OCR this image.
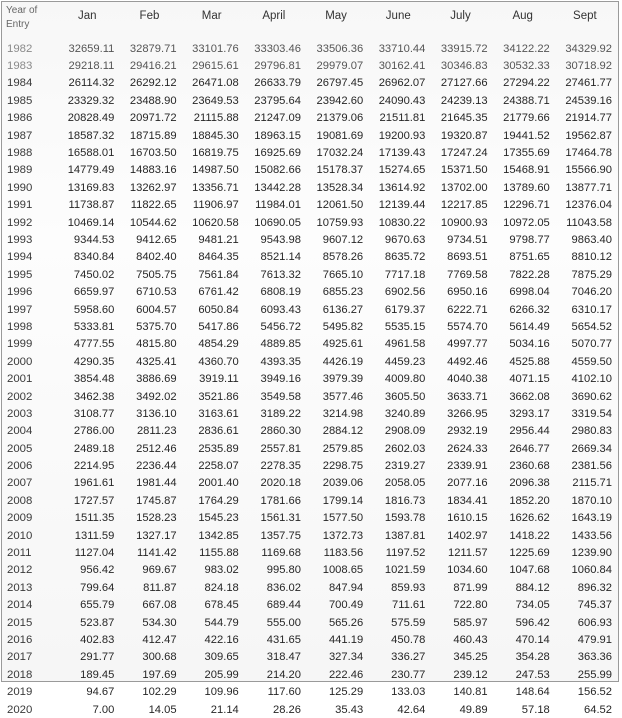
Year of Entry	Jan	Feb	Mar	April	May	June	July	Aug	Sept
1982	32659.11	32879.71	33101.76	33303.46	33506.36	33710.44	33915.72	34122.22	34329.92
1983	29218.11	29416.21	29615.61	29796.81	29979.07	30162.41	30346.83	30532.33	30718.92
1984	26114.32	26292.12	26471.08	26633.79	26797.45	26962.07	27127.66	27294.22	27461.77
1985	23329.32	23488.90	23649.53	23795.64	23942.60	24090.43	24239.13	24388.71	24539.16
1986	20828.49	20971.72	21115.88	21247.09	21379.06	21511.81	21645.35	21779.66	21914.77
1987	18587.32	18715.89	18845.30	18963.15	19081.69	19200.93	19320.87	19441.52	19562.87
1988	16588.01	16703.50	16819.75	16925.69	17032.24	17139.43	17247.24	17355.69	17464.78
1989	14779.49	14883.16	14987.50	15082.66	15178.37	15274.65	15371.50	15468.91	15566.90
1990	13169.83	13262.97	13356.71	13442.28	13528.34	13614.92	13702.00	13789.60	13877.71
1991	11738.87	11822.65	11906.97	11984.01	12061.50	12139.44	12217.85	12296.71	12376.04
1992	10469.14	10544.62	10620.58	10690.05	10759.93	10830.22	10900.93	10972.05	11043.58
1993	9344.53	9412.65	9481.21	9543.98	9607.12	9670.63	9734.51	9798.77	9863.40
1994	8340.84	8402.40	8464.35	8521.14	8578.26	8635.72	8693.51	8751.65	8810.12
1995	7450.02	7505.75	7561.84	7613.32	7665.10	7717.18	7769.58	7822.28	7875.29
1996	6659.97	6710.53	6761.42	6808.19	6855.23	6902.56	6950.16	6998.04	7046.20
1997	5958.60	6004.57	6050.84	6093.43	6136.27	6179.37	6222.71	6266.32	6310.17
1998	5333.81	5375.70	5417.86	5456.72	5495.82	5535.15	5574.70	5614.49	5654.52
1999	4777.55	4815.80	4854.29	4889.85	4925.61	4961.58	4997.77	5034.16	5070.77
2000	4290.35	4325.41	4360.70	4393.35	4426.19	4459.23	4492.46	4525.88	4559.50
2001	3854.48	3886.69	3919.11	3949.16	3979.39	4009.80	4040.38	4071.15	4102.10
2002	3462.38	3492.02	3521.86	3549.58	3577.46	3605.50	3633.71	3662.08	3690.62
2003	3108.77	3136.10	3163.61	3189.22	3214.98	3240.89	3266.95	3293.17	3319.54
2004	2786.00	2811.23	2836.61	2860.30	2884.12	2908.09	2932.19	2956.44	2980.83
2005	2489.18	2512.46	2535.89	2557.81	2579.85	2602.03	2624.33	2646.77	2669.34
2006	2214.95	2236.44	2258.07	2278.35	2298.75	2319.27	2339.91	2360.68	2381.56
2007	1961.61	1981.44	2001.40	2020.18	2039.06	2058.05	2077.16	2096.38	2115.71
2008	1727.57	1745.87	1764.29	1781.66	1799.14	1816.73	1834.41	1852.20	1870.10
2009	1511.35	1528.23	1545.23	1561.31	1577.50	1593.78	1610.15	1626.62	1643.19
2010	1311.59	1327.17	1342.85	1357.75	1372.73	1387.81	1402.97	1418.22	1433.56
2011	1127.04	1141.42	1155.88	1169.68	1183.56	1197.52	1211.57	1225.69	1239.90
2012	956.42	969.67	983.02	995.80	1008.65	1021.59	1034.60	1047.68	1060.84
2013	799.64	811.87	824.18	836.02	847.94	859.93	871.99	884.12	896.32
2014	655.79	667.08	678.45	689.44	700.49	711.61	722.80	734.05	745.37
2015	523.87	534.30	544.79	555.00	565.26	575.59	585.97	596.42	606.93
2016	402.83	412.47	422.16	431.65	441.19	450.78	460.43	470.14	479.91
2017	291.77	300.68	309.65	318.47	327.34	336.27	345.25	354.28	363.36
2018	189.45	197.69	205.99	214.20	222.46	230.77	239.12	247.53	255.99
2019	94.67	102.29	109.96	117.60	125.29	133.03	140.81	148.64	156.52
2020	7.00	14.05	21.14	28.26	35.43	42.64	49.89	57.18	64.52
